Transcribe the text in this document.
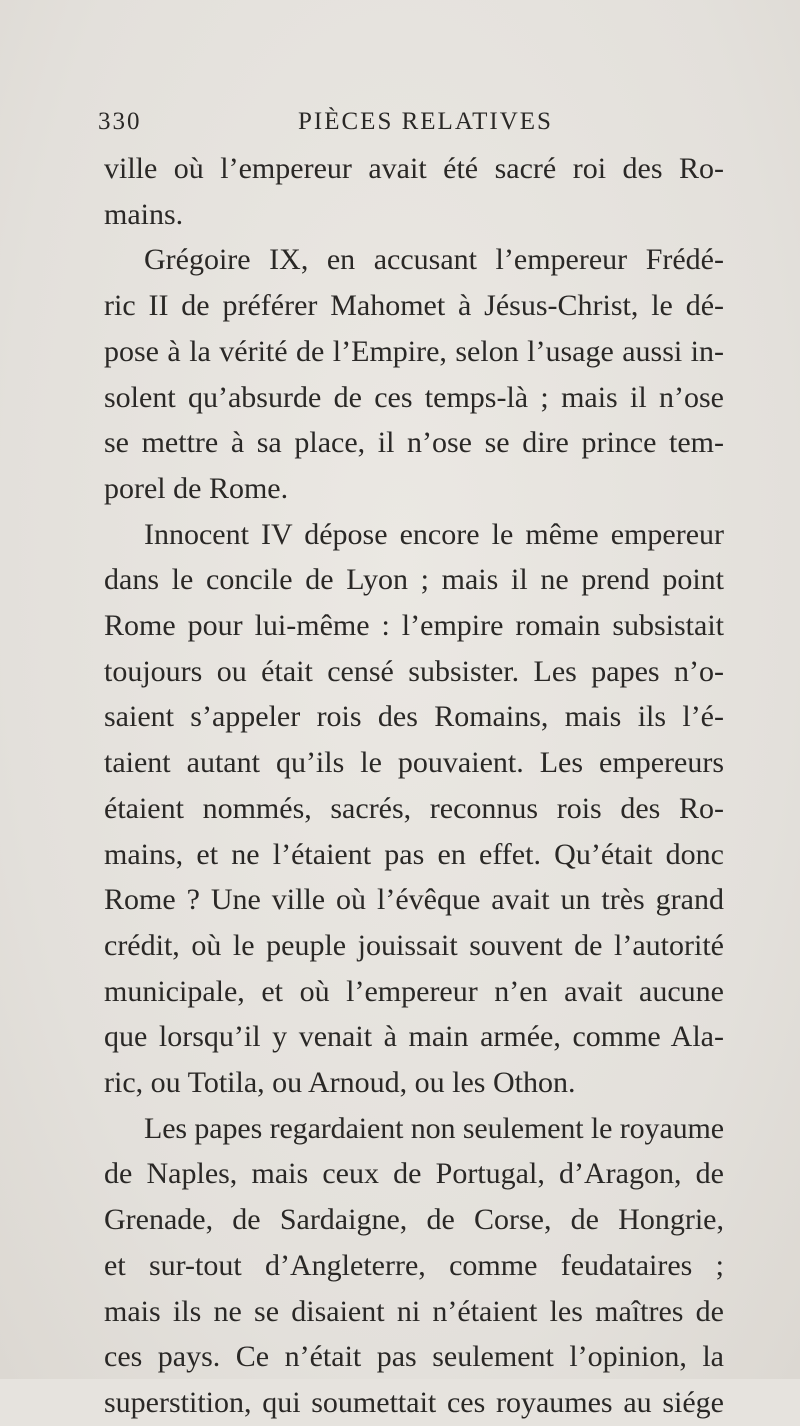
330	PIÈCES RELATIVES
ville où l’empereur avait été sacré roi des Ro-
mains.
Grégoire IX, en accusant l’empereur Frédé-
ric II de préférer Mahomet à Jésus-Christ, le dé-
pose à la vérité de l’Empire, selon l’usage aussi in-
solent qu’absurde de ces temps-là ; mais il n’ose
se mettre à sa place, il n’ose se dire prince tem-
porel de Rome.
Innocent IV dépose encore le même empereur
dans le concile de Lyon ; mais il ne prend point
Rome pour lui-même : l’empire romain subsistait
toujours ou était censé subsister. Les papes n’o-
saient s’appeler rois des Romains, mais ils l’é-
taient autant qu’ils le pouvaient. Les empereurs
étaient nommés, sacrés, reconnus rois des Ro-
mains, et ne l’étaient pas en effet. Qu’était donc
Rome ? Une ville où l’évêque avait un très grand
crédit, où le peuple jouissait souvent de l’autorité
municipale, et où l’empereur n’en avait aucune
que lorsqu’il y venait à main armée, comme Ala-
ric, ou Totila, ou Arnoud, ou les Othon.
Les papes regardaient non seulement le royaume
de Naples, mais ceux de Portugal, d’Aragon, de
Grenade, de Sardaigne, de Corse, de Hongrie,
et sur-tout d’Angleterre, comme feudataires ;
mais ils ne se disaient ni n’étaient les maîtres de
ces pays. Ce n’était pas seulement l’opinion, la
superstition, qui soumettait ces royaumes au siége
